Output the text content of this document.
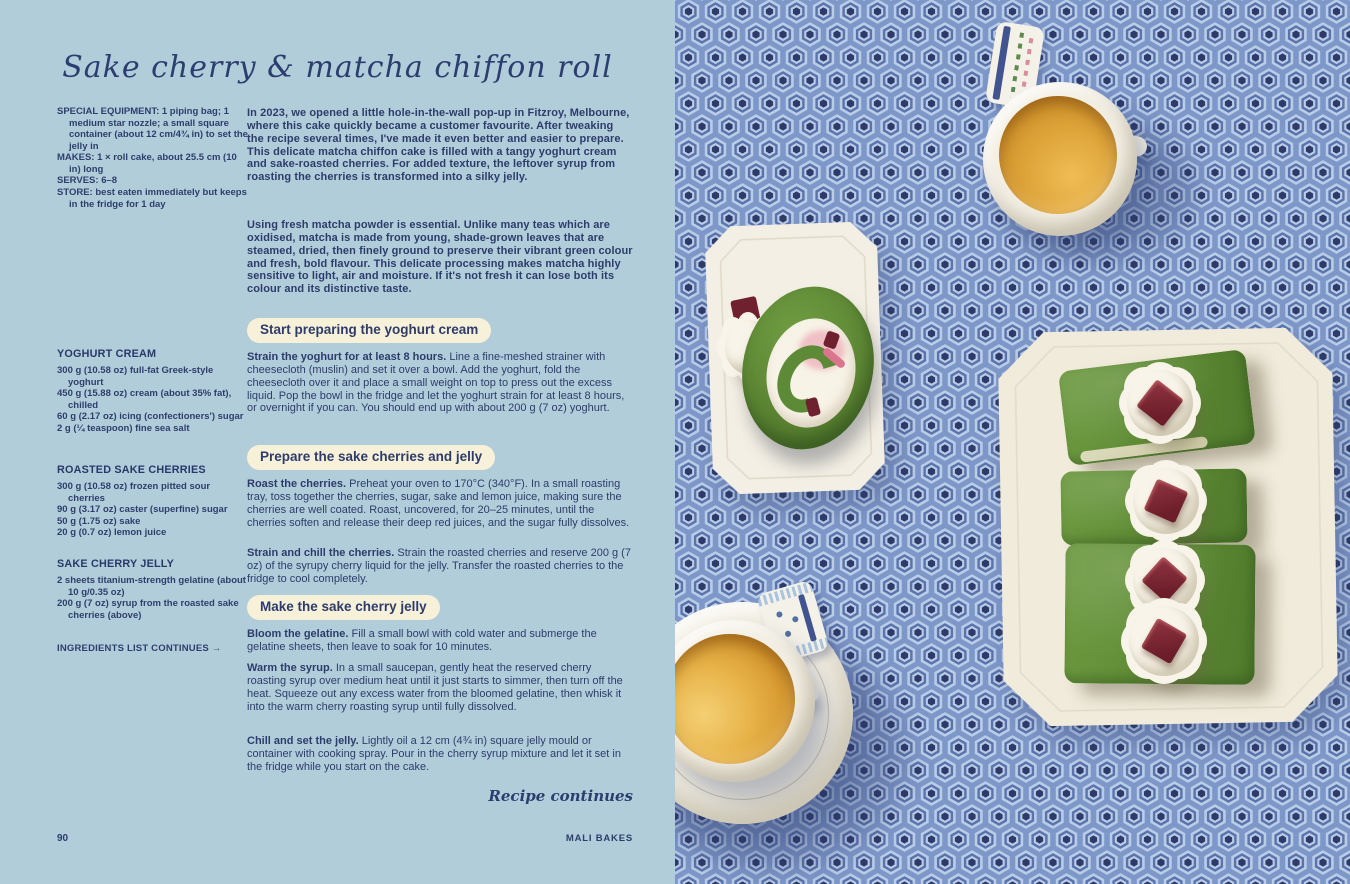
Sake cherry & matcha chiffon roll

SPECIAL EQUIPMENT: 1 piping bag; 1 medium star nozzle; a small square container (about 12 cm/4¾ in) to set the jelly in

MAKES: 1 × roll cake, about 25.5 cm (10 in) long

SERVES: 6–8

STORE: best eaten immediately but keeps in the fridge for 1 day

YOGHURT CREAM

300 g (10.58 oz) full-fat Greek-style yoghurt

450 g (15.88 oz) cream (about 35% fat), chilled

60 g (2.17 oz) icing (confectioners') sugar

2 g (¼ teaspoon) fine sea salt

ROASTED SAKE CHERRIES

300 g (10.58 oz) frozen pitted sour cherries

90 g (3.17 oz) caster (superfine) sugar

50 g (1.75 oz) sake

20 g (0.7 oz) lemon juice

SAKE CHERRY JELLY

2 sheets titanium-strength gelatine (about 10 g/0.35 oz)

200 g (7 oz) syrup from the roasted sake cherries (above)

INGREDIENTS LIST CONTINUES →

In 2023, we opened a little hole-in-the-wall pop-up in Fitzroy, Melbourne, where this cake quickly became a customer favourite. After tweaking the recipe several times, I've made it even better and easier to prepare. This delicate matcha chiffon cake is filled with a tangy yoghurt cream and sake-roasted cherries. For added texture, the leftover syrup from roasting the cherries is transformed into a silky jelly.

Using fresh matcha powder is essential. Unlike many teas which are oxidised, matcha is made from young, shade-grown leaves that are steamed, dried, then finely ground to preserve their vibrant green colour and fresh, bold flavour. This delicate processing makes matcha highly sensitive to light, air and moisture. If it's not fresh it can lose both its colour and its distinctive taste.

Start preparing the yoghurt cream

Strain the yoghurt for at least 8 hours. Line a fine-meshed strainer with cheesecloth (muslin) and set it over a bowl. Add the yoghurt, fold the cheesecloth over it and place a small weight on top to press out the excess liquid. Pop the bowl in the fridge and let the yoghurt strain for at least 8 hours, or overnight if you can. You should end up with about 200 g (7 oz) yoghurt.

Prepare the sake cherries and jelly

Roast the cherries. Preheat your oven to 170°C (340°F). In a small roasting tray, toss together the cherries, sugar, sake and lemon juice, making sure the cherries are well coated. Roast, uncovered, for 20–25 minutes, until the cherries soften and release their deep red juices, and the sugar fully dissolves.

Strain and chill the cherries. Strain the roasted cherries and reserve 200 g (7 oz) of the syrupy cherry liquid for the jelly. Transfer the roasted cherries to the fridge to cool completely.

Make the sake cherry jelly

Bloom the gelatine. Fill a small bowl with cold water and submerge the gelatine sheets, then leave to soak for 10 minutes.

Warm the syrup. In a small saucepan, gently heat the reserved cherry roasting syrup over medium heat until it just starts to simmer, then turn off the heat. Squeeze out any excess water from the bloomed gelatine, then whisk it into the warm cherry roasting syrup until fully dissolved.

Chill and set the jelly. Lightly oil a 12 cm (4¾ in) square jelly mould or container with cooking spray. Pour in the cherry syrup mixture and let it set in the fridge while you start on the cake.

Recipe continues

90	MALI BAKES
